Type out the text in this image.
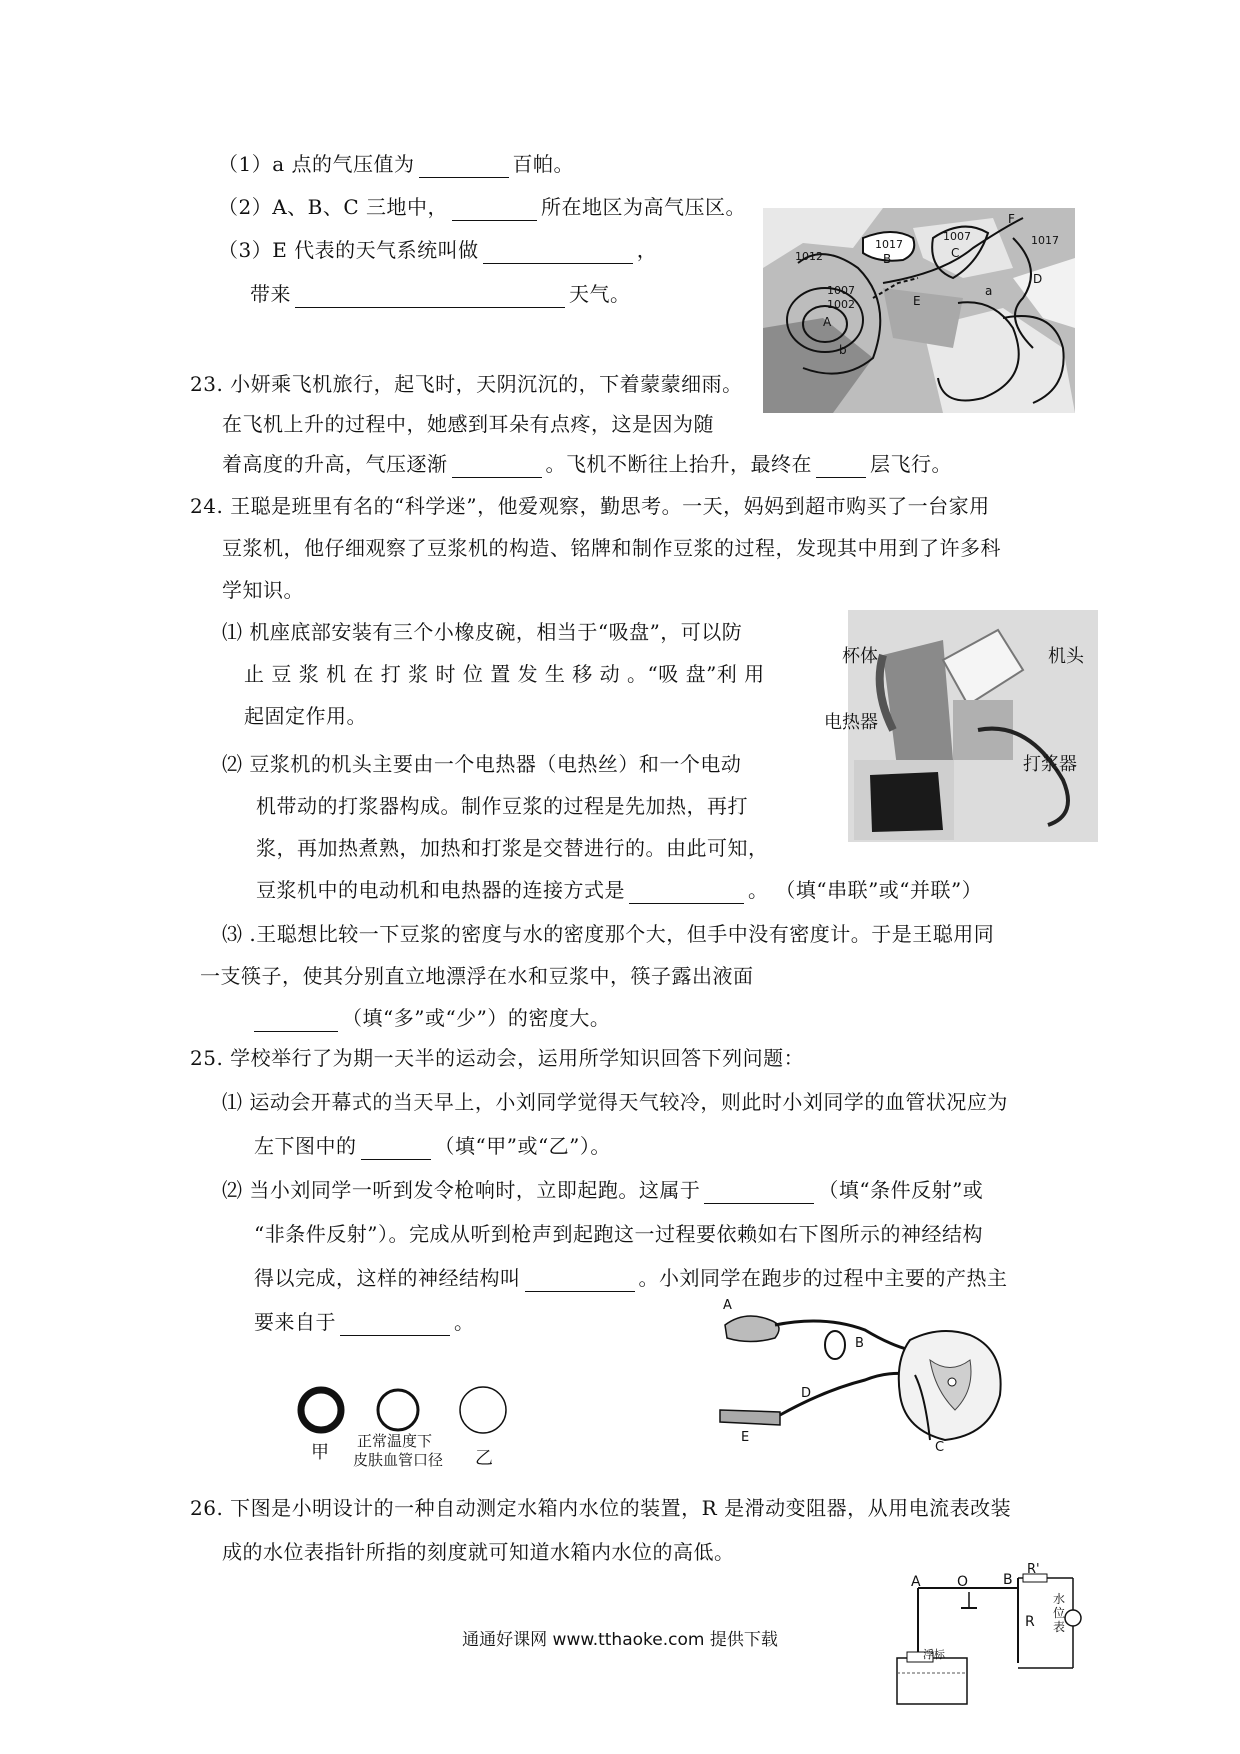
（1）a 点的气压值为	百帕。
（2）A、B、C 三地中，	所在地区为高气压区。
（3）E 代表的天气系统叫做	，
带来	天气。
1017
B
1012
1007
1002
A
b
1007
C
1017
D
F
E
a
23. 小妍乘飞机旅行，起飞时，天阴沉沉的，下着蒙蒙细雨。
在飞机上升的过程中，她感到耳朵有点疼，这是因为随
着高度的升高，气压逐渐	。飞机不断往上抬升，最终在	层飞行。
24. 王聪是班里有名的“科学迷”，他爱观察，勤思考。一天，妈妈到超市购买了一台家用
豆浆机，他仔细观察了豆浆机的构造、铭牌和制作豆浆的过程，发现其中用到了许多科
学知识。
⑴ 机座底部安装有三个小橡皮碗，相当于“吸盘”，可以防
止 豆 浆 机 在 打 浆 时 位 置 发 生 移 动 。“吸 盘”利 用
起固定作用。
⑵ 豆浆机的机头主要由一个电热器（电热丝）和一个电动
机带动的打浆器构成。制作豆浆的过程是先加热，再打
浆，再加热煮熟，加热和打浆是交替进行的。由此可知，
豆浆机中的电动机和电热器的连接方式是	。 （填“串联”或“并联”）
⑶ .王聪想比较一下豆浆的密度与水的密度那个大，但手中没有密度计。于是王聪用同
一支筷子，使其分别直立地漂浮在水和豆浆中，筷子露出液面
（填“多”或“少”）的密度大。
杯体	机头
电热器
打浆器
25. 学校举行了为期一天半的运动会，运用所学知识回答下列问题：
⑴ 运动会开幕式的当天早上，小刘同学觉得天气较冷，则此时小刘同学的血管状况应为
左下图中的	（填“甲”或“乙”）。
⑵ 当小刘同学一听到发令枪响时，立即起跑。这属于	（填“条件反射”或
“非条件反射”）。完成从听到枪声到起跑这一过程要依赖如右下图所示的神经结构
得以完成，这样的神经结构叫	。小刘同学在跑步的过程中主要的产热主
要来自于	。
甲
正常温度下
皮肤血管口径 乙
A
B
D
E
C
26. 下图是小明设计的一种自动测定水箱内水位的装置，R 是滑动变阻器，从用电流表改装
成的水位表指针所指的刻度就可知道水箱内水位的高低。
A	O B
R'
R
水
位
表
浮标
通通好课网 www.tthaoke.com 提供下载
